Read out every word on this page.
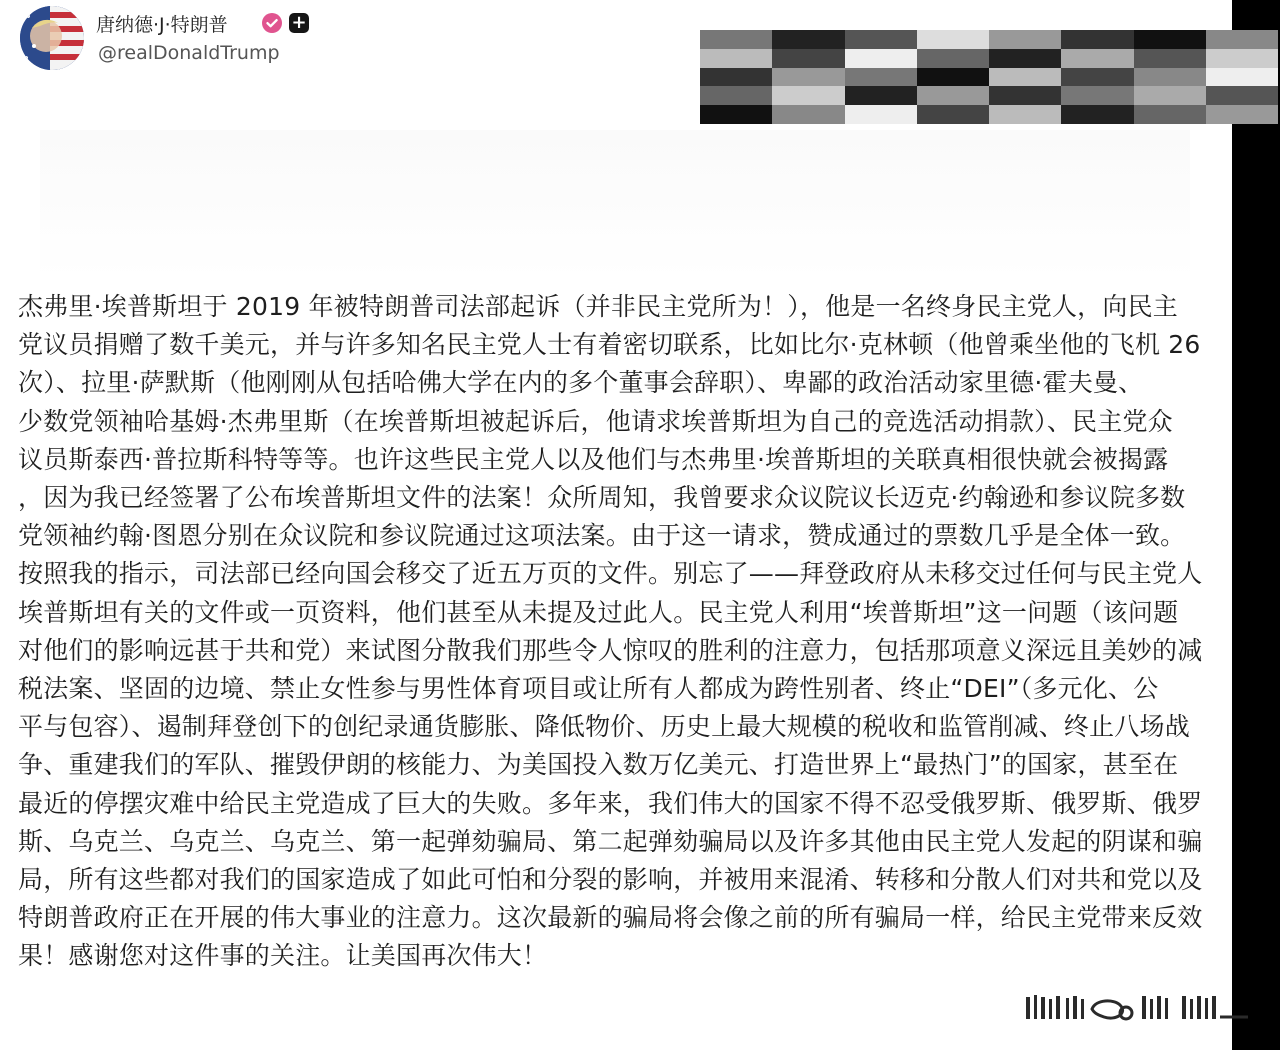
唐纳德·J·特朗普	+
@realDonaldTrump
杰弗里·埃普斯坦于 2019 年被特朗普司法部起诉（并非民主党所为！），他是一名终身民主党人，向民主
党议员捐赠了数千美元，并与许多知名民主党人士有着密切联系，比如比尔·克林顿（他曾乘坐他的飞机 26
次）、拉里·萨默斯（他刚刚从包括哈佛大学在内的多个董事会辞职）、卑鄙的政治活动家里德·霍夫曼、
少数党领袖哈基姆·杰弗里斯（在埃普斯坦被起诉后，他请求埃普斯坦为自己的竞选活动捐款）、民主党众
议员斯泰西·普拉斯科特等等。也许这些民主党人以及他们与杰弗里·埃普斯坦的关联真相很快就会被揭露
，因为我已经签署了公布埃普斯坦文件的法案！众所周知，我曾要求众议院议长迈克·约翰逊和参议院多数
党领袖约翰·图恩分别在众议院和参议院通过这项法案。由于这一请求，赞成通过的票数几乎是全体一致。
按照我的指示，司法部已经向国会移交了近五万页的文件。别忘了——拜登政府从未移交过任何与民主党人
埃普斯坦有关的文件或一页资料，他们甚至从未提及过此人。民主党人利用“埃普斯坦”这一问题（该问题
对他们的影响远甚于共和党）来试图分散我们那些令人惊叹的胜利的注意力，包括那项意义深远且美妙的减
税法案、坚固的边境、禁止女性参与男性体育项目或让所有人都成为跨性别者、终止“DEI”（多元化、公
平与包容）、遏制拜登创下的创纪录通货膨胀、降低物价、历史上最大规模的税收和监管削减、终止八场战
争、重建我们的军队、摧毁伊朗的核能力、为美国投入数万亿美元、打造世界上“最热门”的国家，甚至在
最近的停摆灾难中给民主党造成了巨大的失败。多年来，我们伟大的国家不得不忍受俄罗斯、俄罗斯、俄罗
斯、乌克兰、乌克兰、乌克兰、第一起弹劾骗局、第二起弹劾骗局以及许多其他由民主党人发起的阴谋和骗
局，所有这些都对我们的国家造成了如此可怕和分裂的影响，并被用来混淆、转移和分散人们对共和党以及
特朗普政府正在开展的伟大事业的注意力。这次最新的骗局将会像之前的所有骗局一样，给民主党带来反效
果！感谢您对这件事的关注。让美国再次伟大！
